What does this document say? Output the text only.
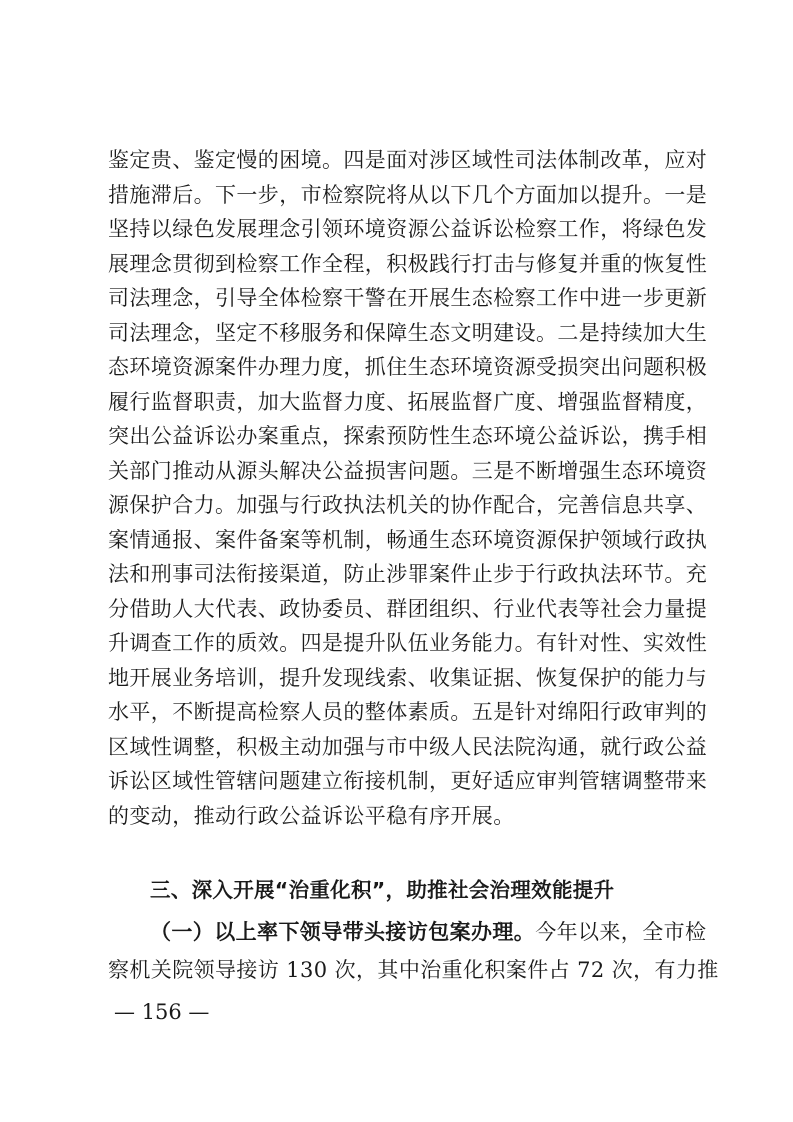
鉴定贵、鉴定慢的困境。四是面对涉区域性司法体制改革，应对
措施滞后。下一步，市检察院将从以下几个方面加以提升。一是
坚持以绿色发展理念引领环境资源公益诉讼检察工作，将绿色发
展理念贯彻到检察工作全程，积极践行打击与修复并重的恢复性
司法理念，引导全体检察干警在开展生态检察工作中进一步更新
司法理念，坚定不移服务和保障生态文明建设。二是持续加大生
态环境资源案件办理力度，抓住生态环境资源受损突出问题积极
履行监督职责，加大监督力度、拓展监督广度、增强监督精度，
突出公益诉讼办案重点，探索预防性生态环境公益诉讼，携手相
关部门推动从源头解决公益损害问题。三是不断增强生态环境资
源保护合力。加强与行政执法机关的协作配合，完善信息共享、
案情通报、案件备案等机制，畅通生态环境资源保护领域行政执
法和刑事司法衔接渠道，防止涉罪案件止步于行政执法环节。充
分借助人大代表、政协委员、群团组织、行业代表等社会力量提
升调查工作的质效。四是提升队伍业务能力。有针对性、实效性
地开展业务培训，提升发现线索、收集证据、恢复保护的能力与
水平，不断提高检察人员的整体素质。五是针对绵阳行政审判的
区域性调整，积极主动加强与市中级人民法院沟通，就行政公益
诉讼区域性管辖问题建立衔接机制，更好适应审判管辖调整带来
的变动，推动行政公益诉讼平稳有序开展。
三、深入开展“治重化积”，助推社会治理效能提升
（一）以上率下领导带头接访包案办理。今年以来，全市检
察机关院领导接访 130 次，其中治重化积案件占 72 次，有力推
— 156 —
